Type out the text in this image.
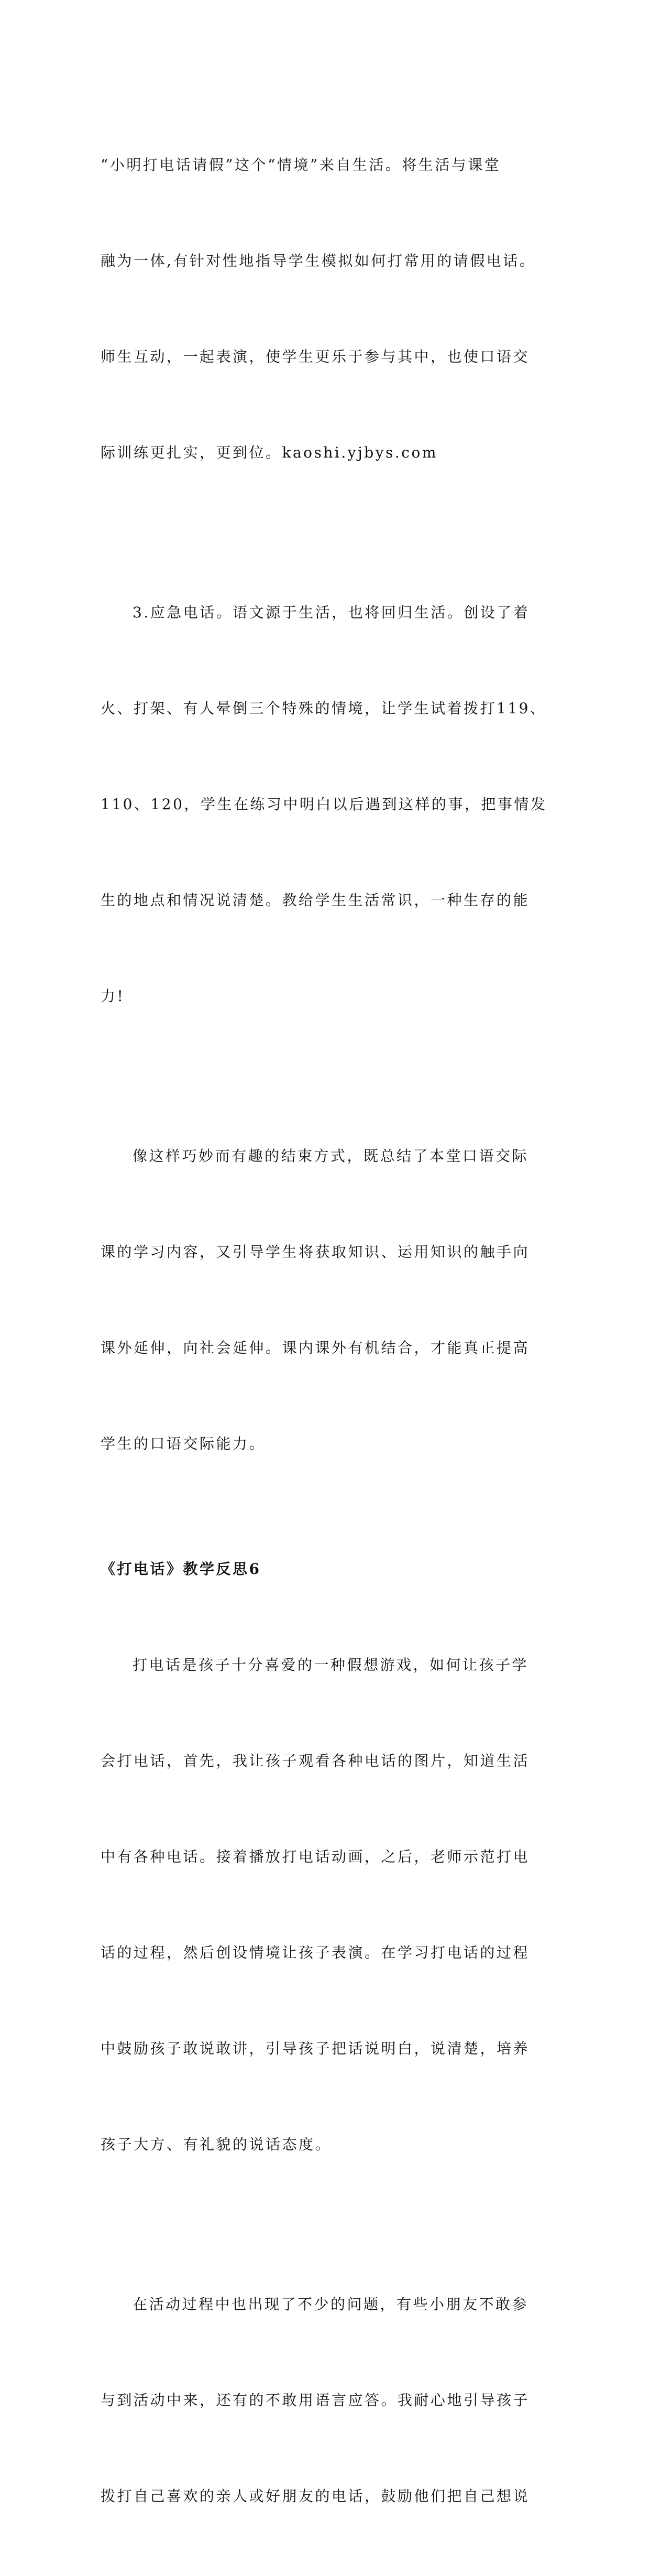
“小明打电话请假”这个“情境”来自生活。将生活与课堂

融为一体,有针对性地指导学生模拟如何打常用的请假电话。

师生互动，一起表演，使学生更乐于参与其中，也使口语交

际训练更扎实，更到位。kaoshi.yjbys.com

3.应急电话。语文源于生活，也将回归生活。创设了着

火、打架、有人晕倒三个特殊的情境，让学生试着拨打119、

110、120，学生在练习中明白以后遇到这样的事，把事情发

生的地点和情况说清楚。教给学生生活常识，一种生存的能

力!

像这样巧妙而有趣的结束方式，既总结了本堂口语交际

课的学习内容，又引导学生将获取知识、运用知识的触手向

课外延伸，向社会延伸。课内课外有机结合，才能真正提高

学生的口语交际能力。

《打电话》教学反思6

打电话是孩子十分喜爱的一种假想游戏，如何让孩子学

会打电话，首先，我让孩子观看各种电话的图片，知道生活

中有各种电话。接着播放打电话动画，之后，老师示范打电

话的过程，然后创设情境让孩子表演。在学习打电话的过程

中鼓励孩子敢说敢讲，引导孩子把话说明白，说清楚，培养

孩子大方、有礼貌的说话态度。

在活动过程中也出现了不少的问题，有些小朋友不敢参

与到活动中来，还有的不敢用语言应答。我耐心地引导孩子

拨打自己喜欢的亲人或好朋友的电话，鼓励他们把自己想说
